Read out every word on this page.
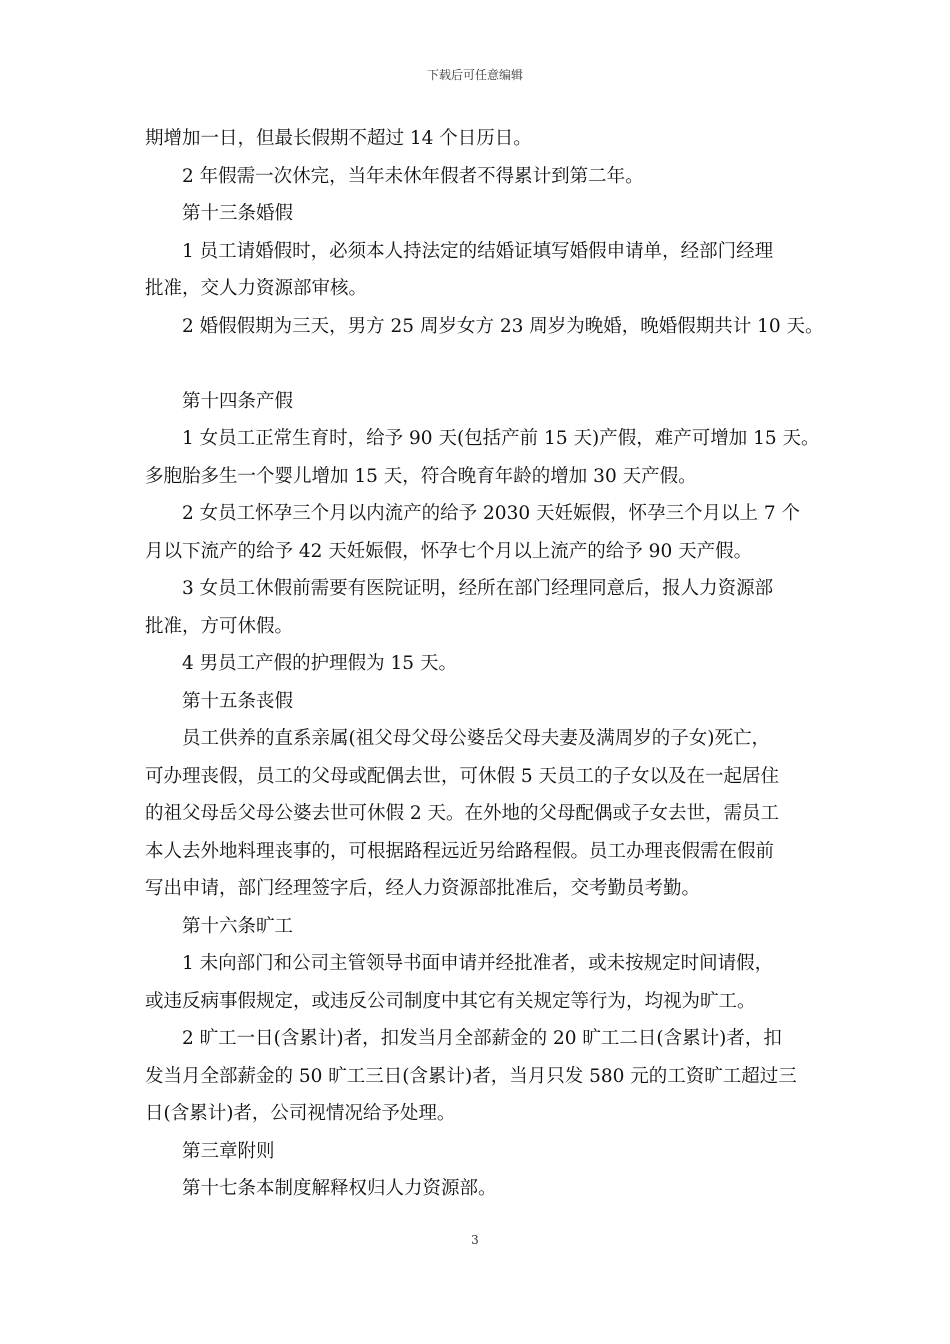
下载后可任意编辑
期增加一日，但最长假期不超过 14 个日历日。
2 年假需一次休完，当年未休年假者不得累计到第二年。
第十三条婚假
1 员工请婚假时，必须本人持法定的结婚证填写婚假申请单，经部门经理
批准，交人力资源部审核。
2 婚假假期为三天，男方 25 周岁女方 23 周岁为晚婚，晚婚假期共计 10 天。
第十四条产假
1 女员工正常生育时，给予 90 天(包括产前 15 天)产假，难产可增加 15 天。
多胞胎多生一个婴儿增加 15 天，符合晚育年龄的增加 30 天产假。
2 女员工怀孕三个月以内流产的给予 2030 天妊娠假，怀孕三个月以上 7 个
月以下流产的给予 42 天妊娠假，怀孕七个月以上流产的给予 90 天产假。
3 女员工休假前需要有医院证明，经所在部门经理同意后，报人力资源部
批准，方可休假。
4 男员工产假的护理假为 15 天。
第十五条丧假
员工供养的直系亲属(祖父母父母公婆岳父母夫妻及满周岁的子女)死亡，
可办理丧假，员工的父母或配偶去世，可休假 5 天员工的子女以及在一起居住
的祖父母岳父母公婆去世可休假 2 天。在外地的父母配偶或子女去世，需员工
本人去外地料理丧事的，可根据路程远近另给路程假。员工办理丧假需在假前
写出申请，部门经理签字后，经人力资源部批准后，交考勤员考勤。
第十六条旷工
1 未向部门和公司主管领导书面申请并经批准者，或未按规定时间请假，
或违反病事假规定，或违反公司制度中其它有关规定等行为，均视为旷工。
2 旷工一日(含累计)者，扣发当月全部薪金的 20 旷工二日(含累计)者，扣
发当月全部薪金的 50 旷工三日(含累计)者，当月只发 580 元的工资旷工超过三
日(含累计)者，公司视情况给予处理。
第三章附则
第十七条本制度解释权归人力资源部。
3
